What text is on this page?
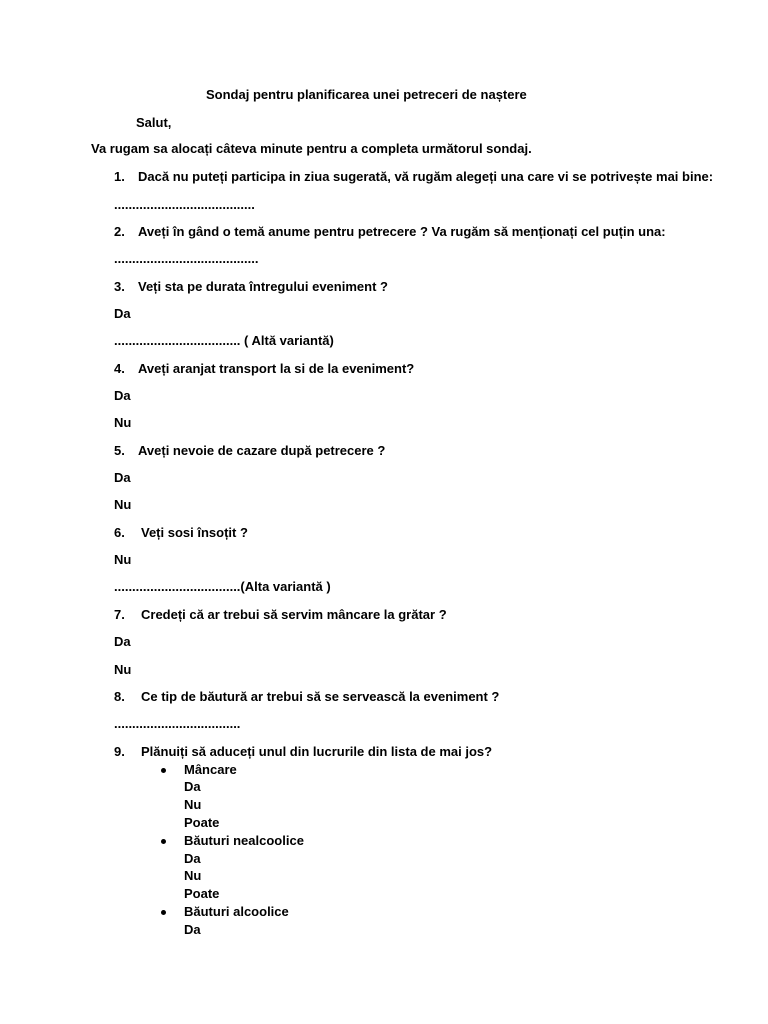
Sondaj pentru planificarea unei petreceri de naștere
Salut,
Va rugam sa alocați câteva minute pentru a completa următorul sondaj.
1. Dacă nu puteți participa in ziua sugerată, vă rugăm alegeți una care vi se potrivește mai bine:
.......................................
2. Aveți în gând o temă anume pentru petrecere ? Va rugăm să menționați cel puțin una:
........................................
3. Veți sta pe durata întregului eveniment ?
Da
................................... ( Altă variantă)
4. Aveți aranjat transport la si de la eveniment?
Da
Nu
5. Aveți nevoie de cazare după petrecere ?
Da
Nu
6. Veți sosi însoțit ?
Nu
...................................(Alta variantă )
7. Credeți că ar trebui să servim mâncare la grătar ?
Da
Nu
8. Ce tip de băutură ar trebui să se servească la eveniment ?
...................................
9. Plănuiți să aduceți unul din lucrurile din lista de mai jos?
Mâncare
Da
Nu
Poate
Băuturi nealcoolice
Da
Nu
Poate
Băuturi alcoolice
Da
